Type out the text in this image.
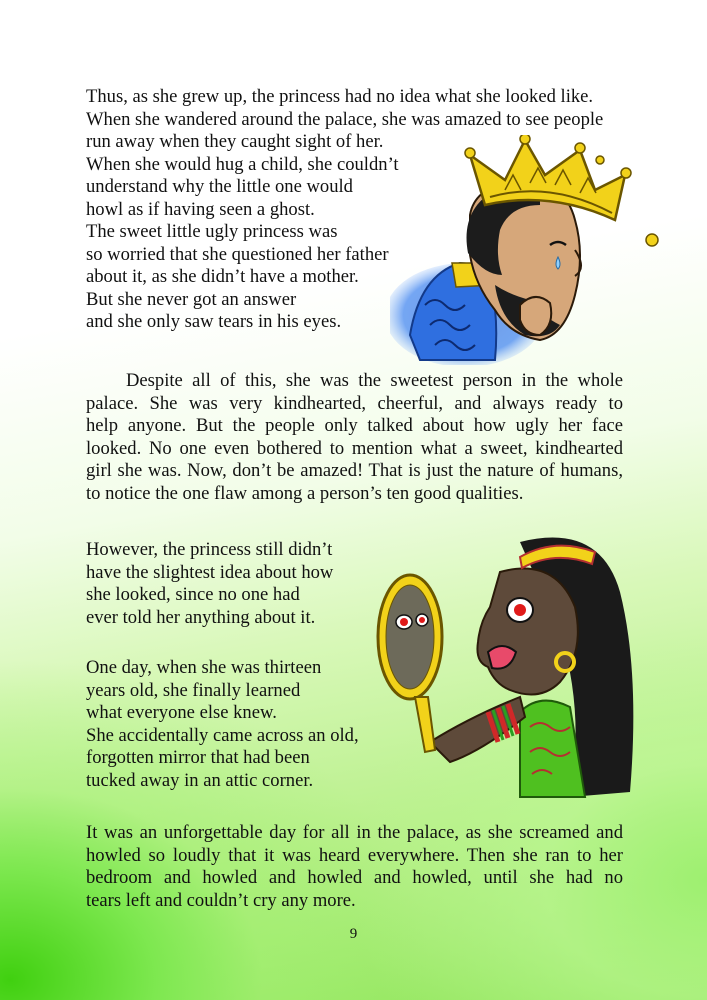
Thus, as she grew up, the princess had no idea what she looked like.
When she wandered around the palace, she was amazed to see people
run away when they caught sight of her.
When she would hug a child, she couldn’t
understand why the little one would
howl as if having seen a ghost.
The sweet little ugly princess was
so worried that she questioned her father
about it, as she didn’t have a mother.
But she never got an answer
and she only saw tears in his eyes.
Despite all of this, she was the sweetest person in the whole
palace. She was very kindhearted, cheerful, and always ready to
help anyone. But the people only talked about how ugly her face
looked. No one even bothered to mention what a sweet, kindhearted
girl she was. Now, don’t be amazed! That is just the nature of humans,
to notice the one flaw among a person’s ten good qualities.
However, the princess still didn’t
have the slightest idea about how
she looked, since no one had
ever told her anything about it.
One day, when she was thirteen
years old, she finally learned
what everyone else knew.
She accidentally came across an old,
forgotten mirror that had been
tucked away in an attic corner.
It was an unforgettable day for all in the palace, as she screamed and
howled so loudly that it was heard everywhere. Then she ran to her
bedroom and howled and howled and howled, until she had no
tears left and couldn’t cry any more.
9
